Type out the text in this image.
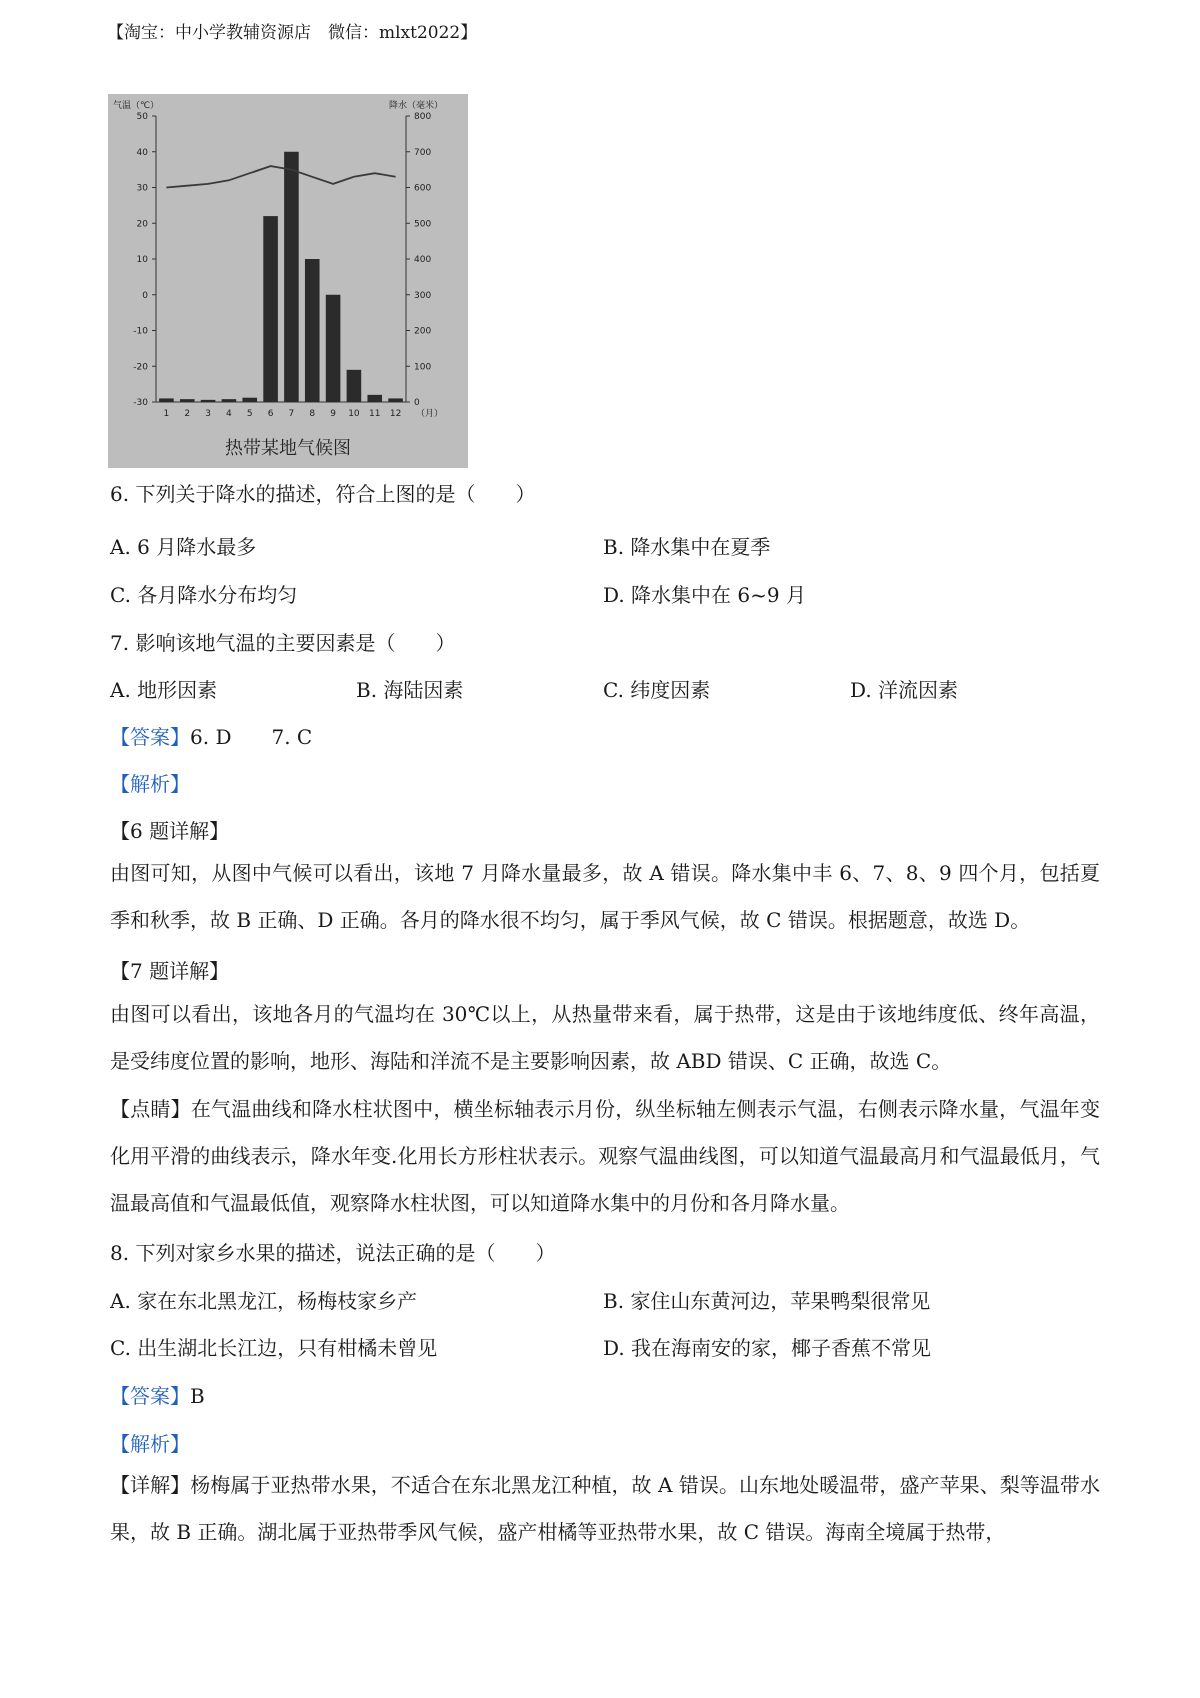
【淘宝：中小学教辅资源店　微信：mlxt2022】
气温（℃）	降水（毫米）
50
40
30
20
10
0
-10
-20
-30
800
700
600
500
400
300
200
100
0
1 2 3 4 5 6 7 8 9 10 11 12 （月）
热带某地气候图
6. 下列关于降水的描述，符合上图的是（　　）
A. 6 月降水最多	B. 降水集中在夏季
C. 各月降水分布均匀	D. 降水集中在 6~9 月
7. 影响该地气温的主要因素是（　　）
A. 地形因素	B. 海陆因素	C. 纬度因素	D. 洋流因素
【答案】6. D　　7. C
【解析】
【6 题详解】
由图可知，从图中气候可以看出，该地 7 月降水量最多，故 A 错误。降水集中丰 6、7、8、9 四个月，包括夏季和秋季，故 B 正确、D 正确。各月的降水很不均匀，属于季风气候，故 C 错误。根据题意，故选 D。
【7 题详解】
由图可以看出，该地各月的气温均在 30℃以上，从热量带来看，属于热带，这是由于该地纬度低、终年高温，是受纬度位置的影响，地形、海陆和洋流不是主要影响因素，故 ABD 错误、C 正确，故选 C。
【点睛】在气温曲线和降水柱状图中，横坐标轴表示月份，纵坐标轴左侧表示气温，右侧表示降水量，气温年变化用平滑的曲线表示，降水年变.化用长方形柱状表示。观察气温曲线图，可以知道气温最高月和气温最低月，气温最高值和气温最低值，观察降水柱状图，可以知道降水集中的月份和各月降水量。
8. 下列对家乡水果的描述，说法正确的是（　　）
A. 家在东北黑龙江，杨梅枝家乡产	B. 家住山东黄河边，苹果鸭梨很常见
C. 出生湖北长江边，只有柑橘未曾见	D. 我在海南安的家，椰子香蕉不常见
【答案】B
【解析】
【详解】杨梅属于亚热带水果，不适合在东北黑龙江种植，故 A 错误。山东地处暖温带，盛产苹果、梨等温带水果，故 B 正确。湖北属于亚热带季风气候，盛产柑橘等亚热带水果，故 C 错误。海南全境属于热带，
